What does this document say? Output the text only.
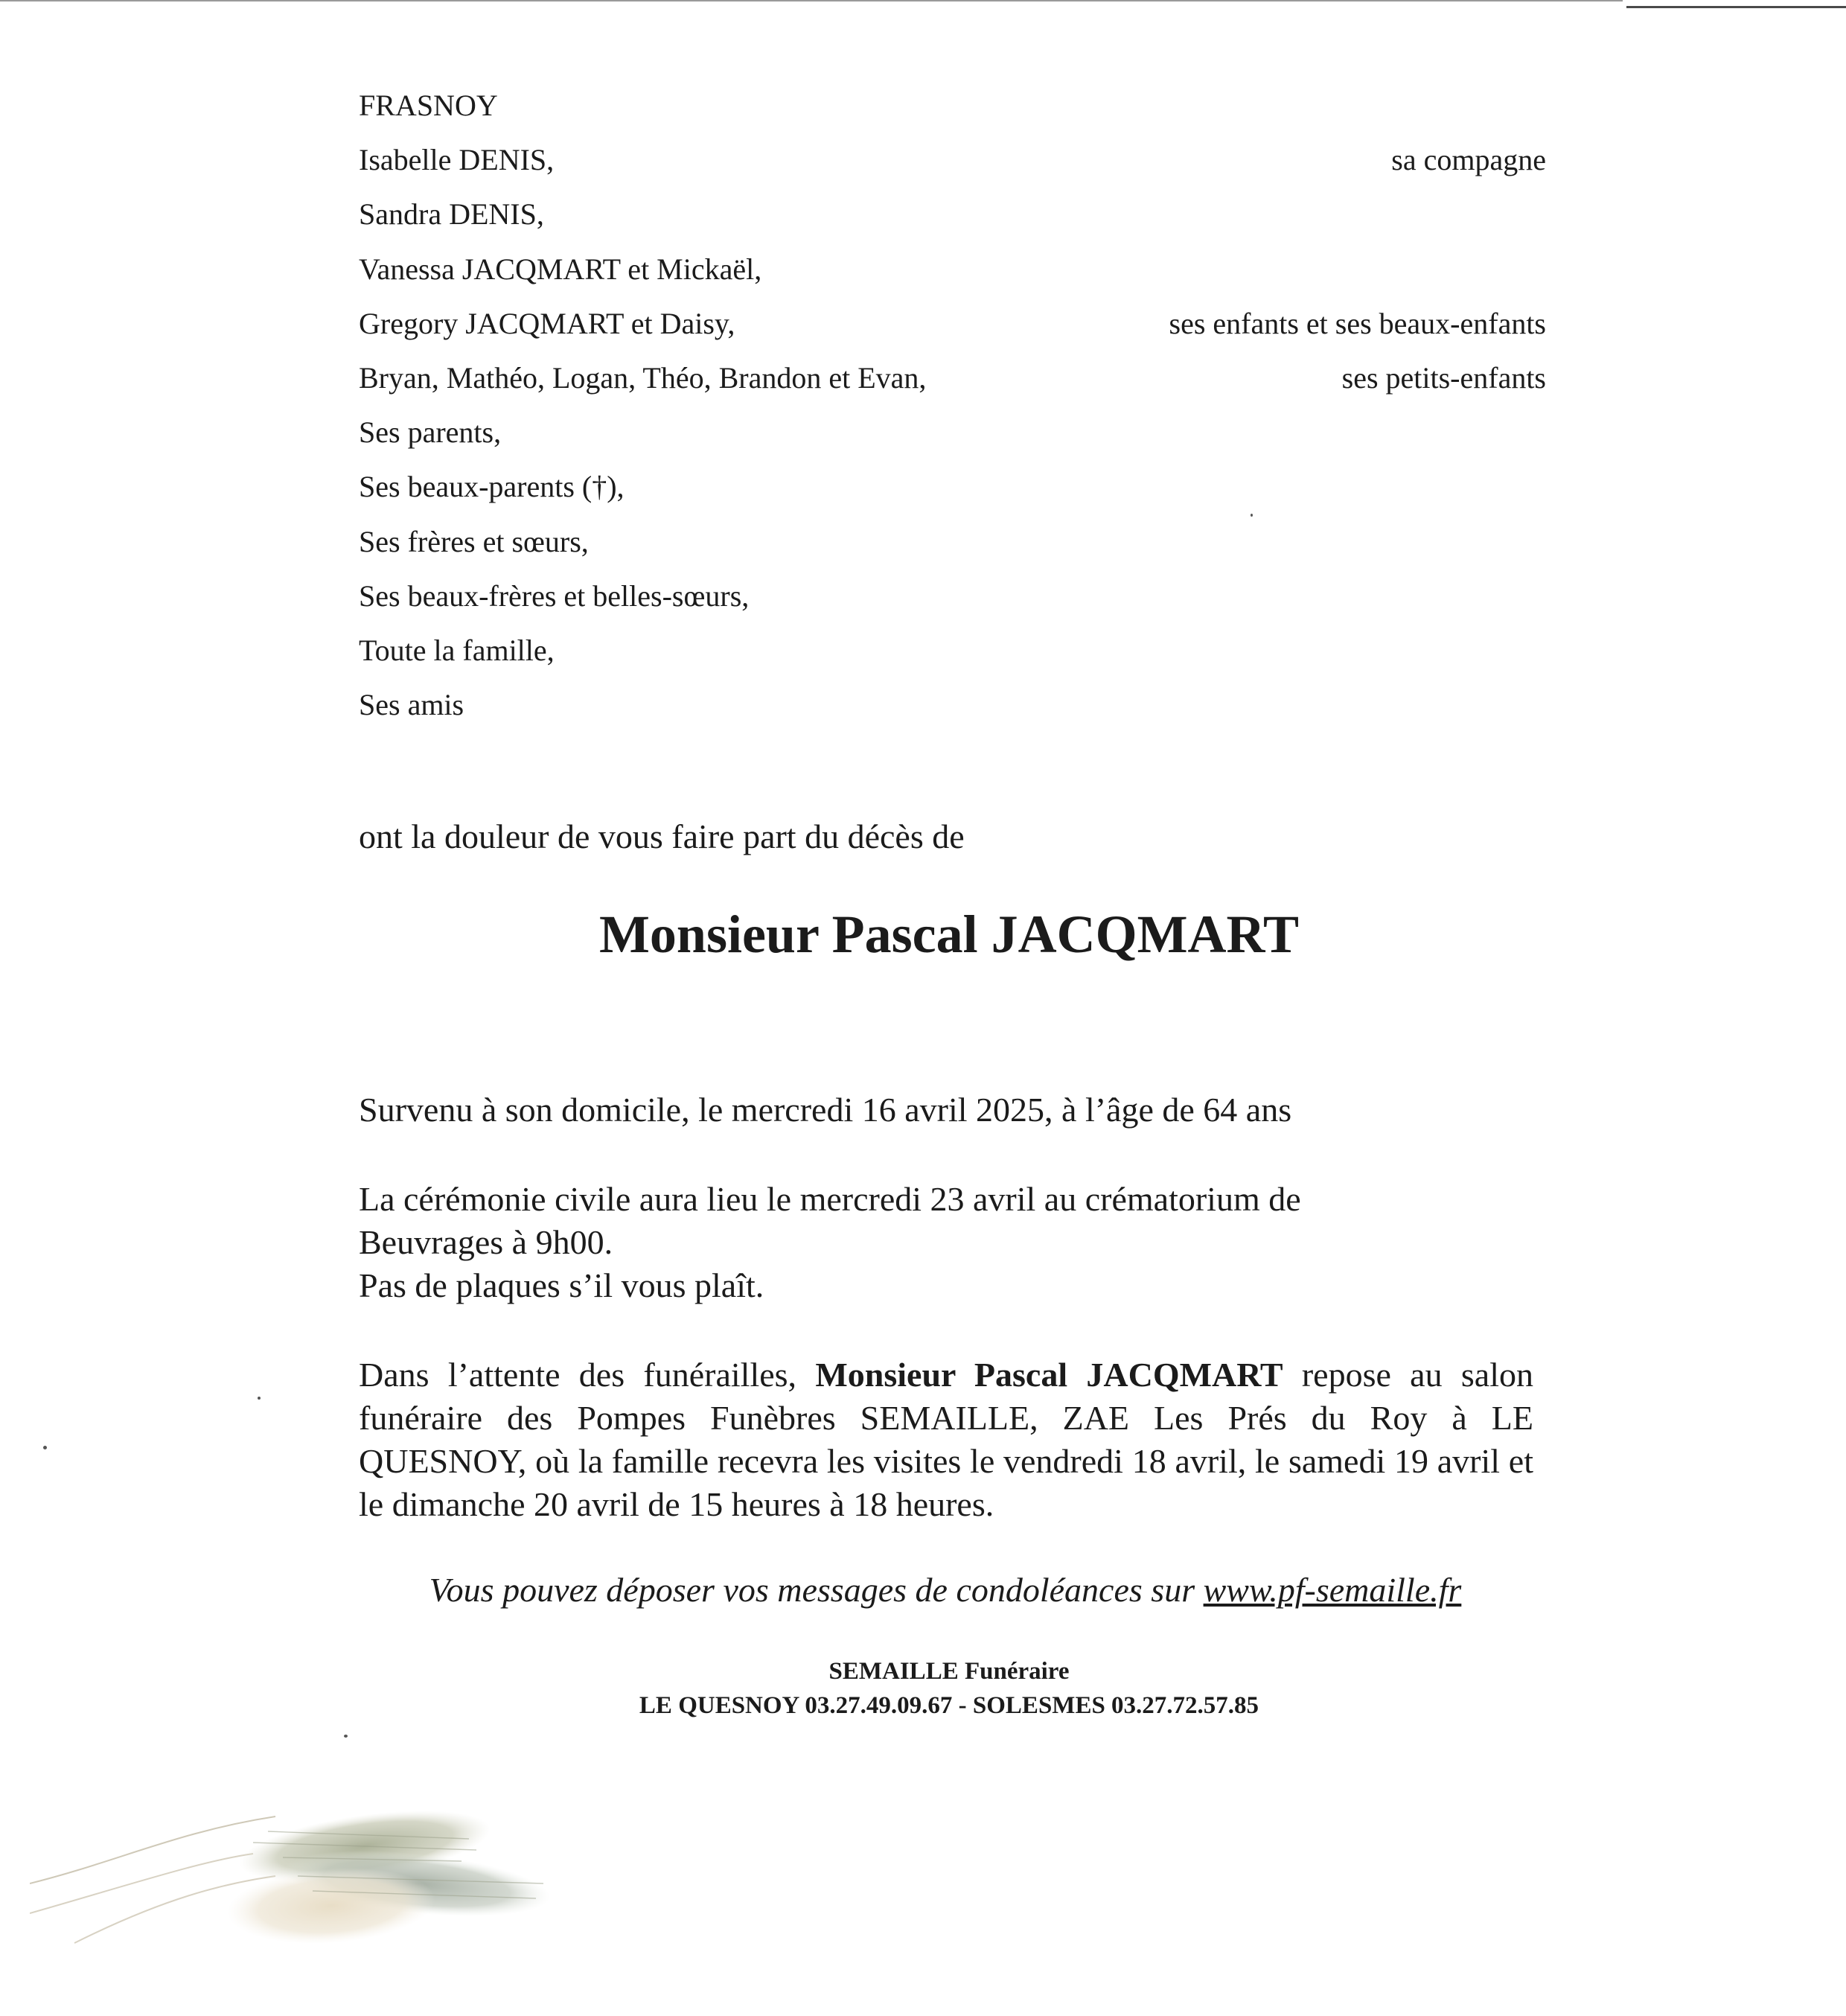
FRASNOY
Isabelle DENIS,	sa compagne
Sandra DENIS,
Vanessa JACQMART et Mickaël,
Gregory JACQMART et Daisy,	ses enfants et ses beaux-enfants
Bryan, Mathéo, Logan, Théo, Brandon et Evan,	ses petits-enfants
Ses parents,
Ses beaux-parents (†),
Ses frères et sœurs,
Ses beaux-frères et belles-sœurs,
Toute la famille,
Ses amis
ont la douleur de vous faire part du décès de
Monsieur Pascal JACQMART

Survenu à son domicile, le mercredi 16 avril 2025, à l’âge de 64 ans

La cérémonie civile aura lieu le mercredi 23 avril au crématorium de

Beuvrages à 9h00.

Pas de plaques s’il vous plaît.

Dans l’attente des funérailles, Monsieur Pascal JACQMART repose au salon funéraire des Pompes Funèbres SEMAILLE, ZAE Les Prés du Roy à LE QUESNOY, où la famille recevra les visites le vendredi 18 avril, le samedi 19 avril et le dimanche 20 avril de 15 heures à 18 heures.
Vous pouvez déposer vos messages de condoléances sur www.pf-semaille.fr
SEMAILLE Funéraire
LE QUESNOY 03.27.49.09.67 - SOLESMES 03.27.72.57.85
